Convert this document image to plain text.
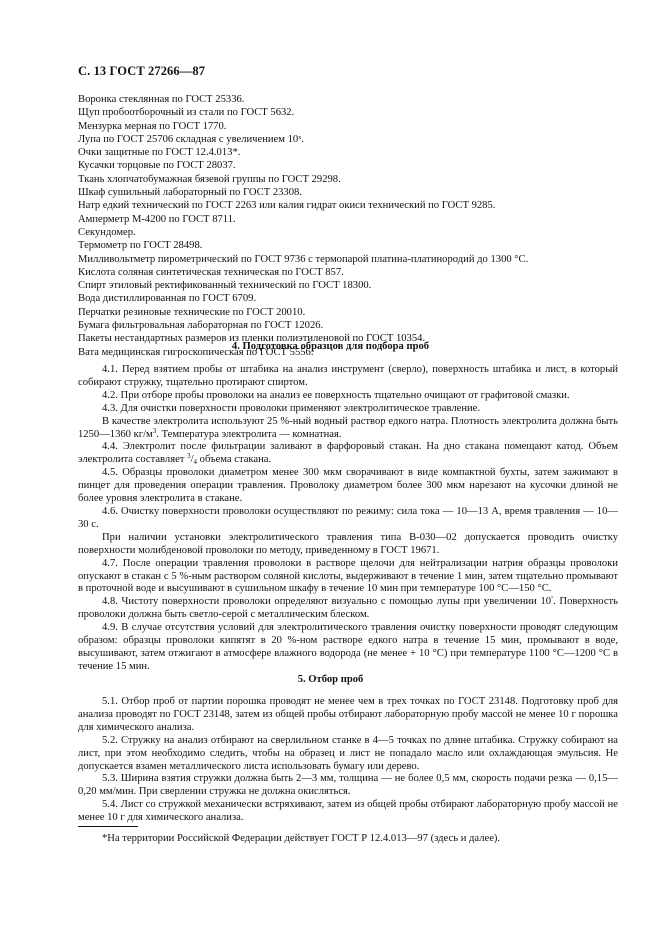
С. 13 ГОСТ 27266—87
Воронка стеклянная по ГОСТ 25336.
Щуп пробоотборочный из стали по ГОСТ 5632.
Мензурка мерная по ГОСТ 1770.
Лупа по ГОСТ 25706 складная с увеличением 10ˣ.
Очки защитные по ГОСТ 12.4.013*.
Кусачки торцовые по ГОСТ 28037.
Ткань хлопчатобумажная бязевой группы по ГОСТ 29298.
Шкаф сушильный лабораторный по ГОСТ 23308.
Натр едкий технический по ГОСТ 2263 или калия гидрат окиси технический по ГОСТ 9285.
Амперметр М-4200 по ГОСТ 8711.
Секундомер.
Термометр по ГОСТ 28498.
Милливольтметр пирометрический по ГОСТ 9736 с термопарой платина-платинородий до 1300 °С.
Кислота соляная синтетическая техническая по ГОСТ 857.
Спирт этиловый ректификованный технический по ГОСТ 18300.
Вода дистиллированная по ГОСТ 6709.
Перчатки резиновые технические по ГОСТ 20010.
Бумага фильтровальная лабораторная по ГОСТ 12026.
Пакеты нестандартных размеров из пленки полиэтиленовой по ГОСТ 10354.
Вата медицинская гигроскопическая по ГОСТ 5556.
4. Подготовка образцов для подбора проб

4.1. Перед взятием пробы от штабика на анализ инструмент (сверло), поверхность штабика и лист, в который собирают стружку, тщательно протирают спиртом.

4.2. При отборе пробы проволоки на анализ ее поверхность тщательно очищают от графитовой смазки.

4.3. Для очистки поверхности проволоки применяют электролитическое травление.

В качестве электролита используют 25 %-ный водный раствор едкого натра. Плотность электролита должна быть 1250—1360 $кг/м^3$. Температура электролита — комнатная.

4.4. Электролит после фильтрации заливают в фарфоровый стакан. На дно стакана помещают катод. Объем электролита составляет $^3/_4$ объема стакана.

4.5. Образцы проволоки диаметром менее 300 мкм сворачивают в виде компактной бухты, затем зажимают в пинцет для проведения операции травления. Проволоку диаметром более 300 мкм нарезают на кусочки длиной не более уровня электролита в стакане.

4.6. Очистку поверхности проволоки осуществляют по режиму: сила тока — 10—13 А, время травления — 10—30 с.

При наличии установки электролитического травления типа В-030—02 допускается проводить очистку поверхности молибденовой проволоки по методу, приведенному в ГОСТ 19671.

4.7. После операции травления проволоки в растворе щелочи для нейтрализации натрия образцы проволоки опускают в стакан с 5 %-ным раствором соляной кислоты, выдерживают в течение 1 мин, затем тщательно промывают в проточной воде и высушивают в сушильном шкафу в течение 10 мин при температуре 100 °С—150 °С.

4.8. Чистоту поверхности проволоки определяют визуально с помощью лупы при увеличении $10^ˣ$. Поверхность проволоки должна быть светло-серой с металлическим блеском.

4.9. В случае отсутствия условий для электролитического травления очистку поверхности проводят следующим образом: образцы проволоки кипятят в 20 %-ном растворе едкого натра в течение 15 мин, промывают в воде, высушивают, затем отжигают в атмосфере влажного водорода (не менее + 10 °С) при температуре 1100 °С—1200 °С в течение 15 мин.

5. Отбор проб

5.1. Отбор проб от партии порошка проводят не менее чем в трех точках по ГОСТ 23148. Подготовку проб для анализа проводят по ГОСТ 23148, затем из общей пробы отбирают лабораторную пробу массой не менее 10 г порошка для химического анализа.

5.2. Стружку на анализ отбирают на сверлильном станке в 4—5 точках по длине штабика. Стружку собирают на лист, при этом необходимо следить, чтобы на образец и лист не попадало масло или охлаждающая эмульсия. Не допускается взамен металлического листа использовать бумагу или дерево.

5.3. Ширина взятия стружки должна быть 2—3 мм, толщина — не более 0,5 мм, скорость подачи резка — 0,15—0,20 мм/мин. При сверлении стружка не должна окисляться.

5.4. Лист со стружкой механически встряхивают, затем из общей пробы отбирают лабораторную пробу массой не менее 10 г для химического анализа.

*На территории Российской Федерации действует ГОСТ Р 12.4.013—97 (здесь и далее).
